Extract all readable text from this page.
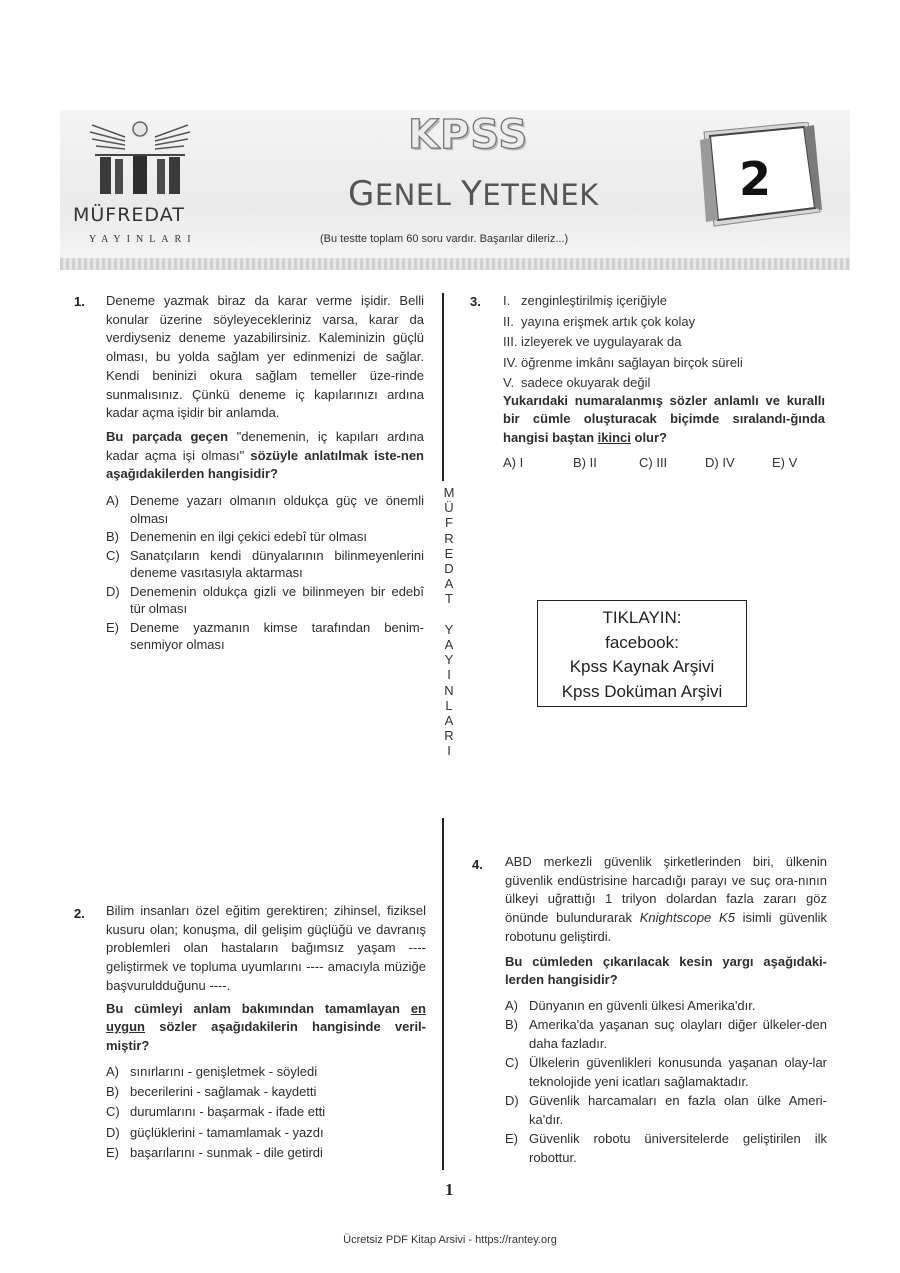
MÜFREDAT
YAYINLARI
KPSS
GENEL YETENEK
(Bu testte toplam 60 soru vardır. Başarılar dileriz...)
2
M
Ü
F
R
E
D
A
T

Y
A
Y
I
N
L
A
R
I
1. Deneme yazmak biraz da karar verme işidir. Belli konular üzerine söyleyecekleriniz varsa, karar da verdiyseniz deneme yazabilirsiniz. Kaleminizin güçlü olması, bu yolda sağlam yer edinmenizi de sağlar. Kendi beninizi okura sağlam temeller üze-rinde sunmalısınız. Çünkü deneme iç kapılarınızı ardına kadar açma işidir bir anlamda.
Bu parçada geçen "denemenin, iç kapıları ardına kadar açma işi olması" sözüyle anlatılmak iste-nen aşağıdakilerden hangisidir?
A) Deneme yazarı olmanın oldukça güç ve önemli olması
B) Denemenin en ilgi çekici edebî tür olması
C) Sanatçıların kendi dünyalarının bilinmeyenlerini deneme vasıtasıyla aktarması
D) Denemenin oldukça gizli ve bilinmeyen bir edebî tür olması
E) Deneme yazmanın kimse tarafından benim-senmiyor olması
2. Bilim insanları özel eğitim gerektiren; zihinsel, fiziksel kusuru olan; konuşma, dil gelişim güçlüğü ve davranış problemleri olan hastaların bağımsız yaşam ---- geliştirmek ve topluma uyumlarını ---- amacıyla müziğe başvuruldduğunu ----.
Bu cümleyi anlam bakımından tamamlayan en uygun sözler aşağıdakilerin hangisinde veril-miştir?
A) sınırlarını - genişletmek - söyledi
B) becerilerini - sağlamak - kaydetti
C) durumlarını - başarmak - ifade etti
D) güçlüklerini - tamamlamak - yazdı
E) başarılarını - sunmak - dile getirdi
3. I. zenginleştirilmiş içeriğiyle
II. yayına erişmek artık çok kolay
III. izleyerek ve uygulayarak da
IV. öğrenme imkânı sağlayan birçok süreli
V. sadece okuyarak değil
Yukarıdaki numaralanmış sözler anlamlı ve kurallı bir cümle oluşturacak biçimde sıralandı-ğında hangisi baştan ikinci olur?
A) I	B) II	C) III	D) IV	E) V
TIKLAYIN:
facebook:
Kpss Kaynak Arşivi
Kpss Doküman Arşivi
4. ABD merkezli güvenlik şirketlerinden biri, ülkenin güvenlik endüstrisine harcadığı parayı ve suç ora-nının ülkeyi uğrattığı 1 trilyon dolardan fazla zararı göz önünde bulundurarak Knightscope K5 isimli güvenlik robotunu geliştirdi.
Bu cümleden çıkarılacak kesin yargı aşağıdaki-lerden hangisidir?
A) Dünyanın en güvenli ülkesi Amerika'dır.
B) Amerika'da yaşanan suç olayları diğer ülkeler-den daha fazladır.
C) Ülkelerin güvenlikleri konusunda yaşanan olay-lar teknolojide yeni icatları sağlamaktadır.
D) Güvenlik harcamaları en fazla olan ülke Ameri-ka'dır.
E) Güvenlik robotu üniversitelerde geliştirilen ilk robottur.
1
Ücretsiz PDF Kitap Arsivi - https://rantey.org
